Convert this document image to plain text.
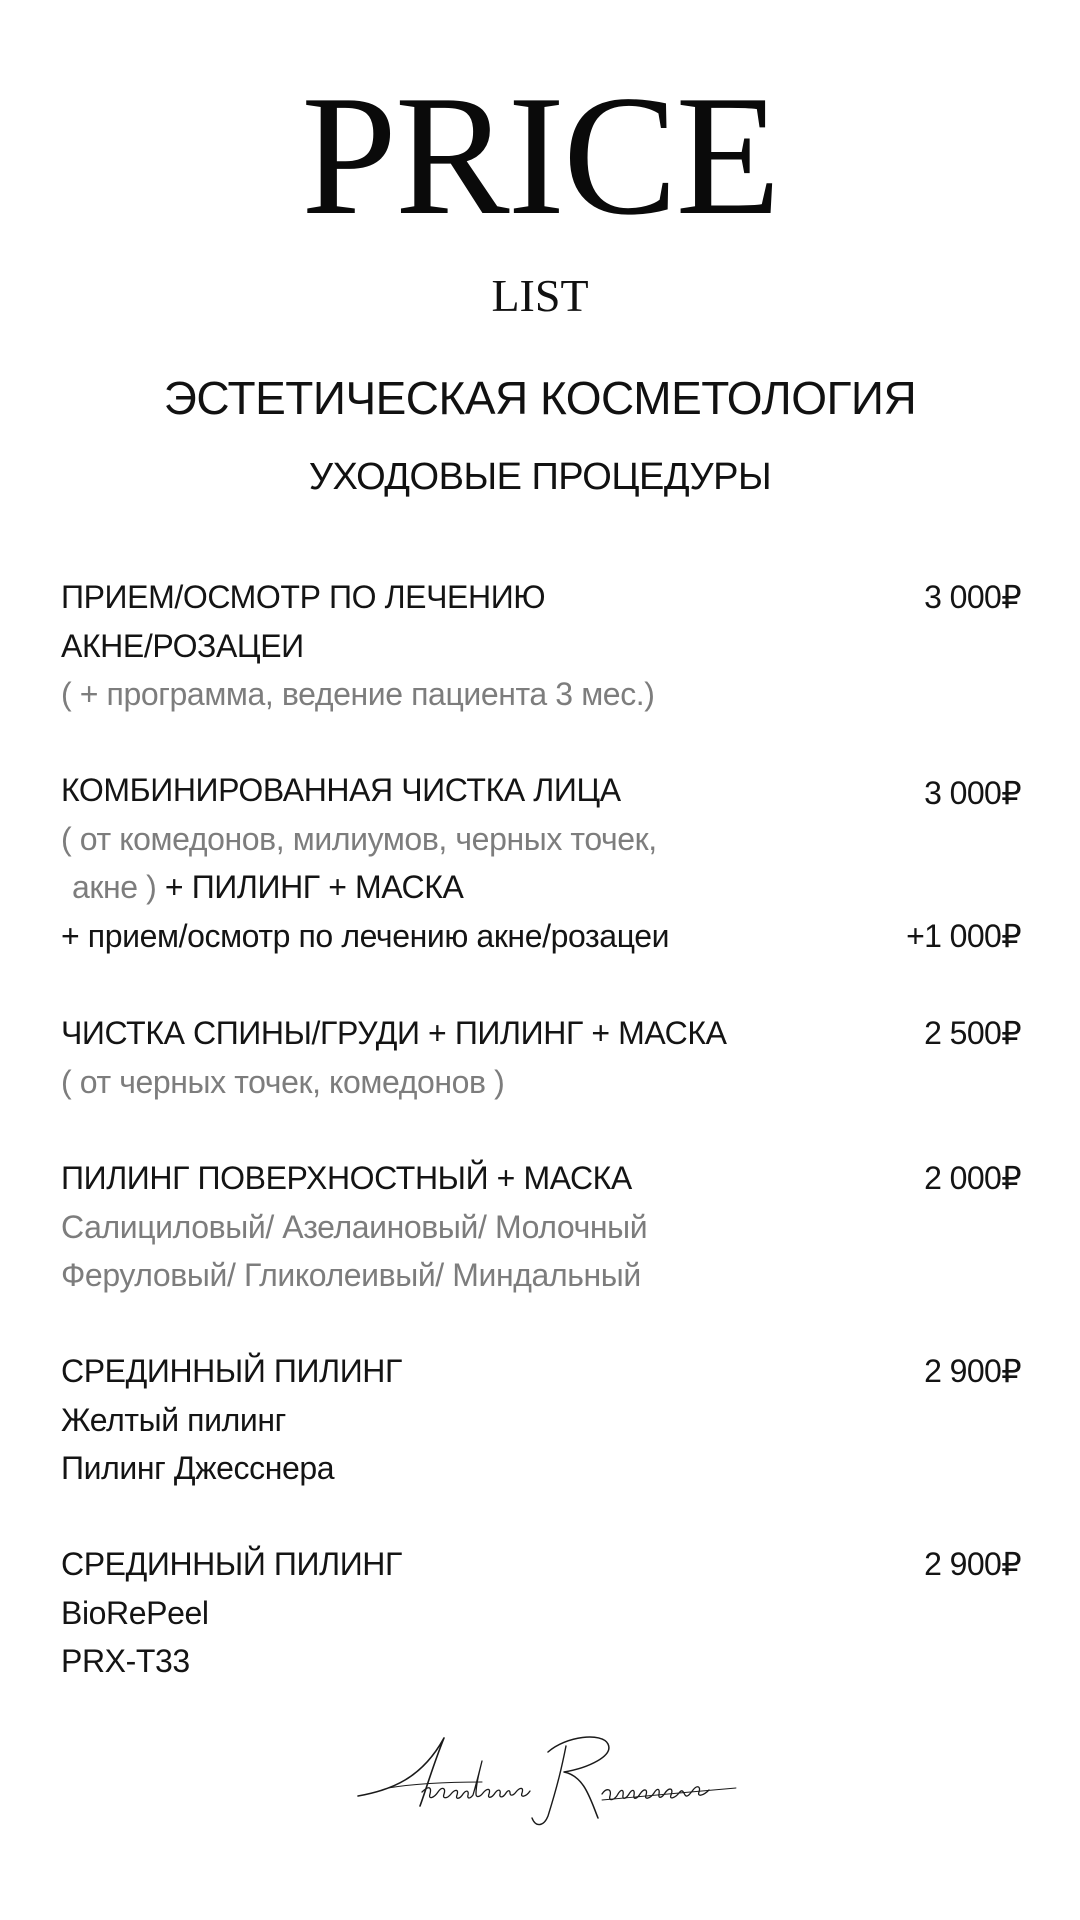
PRICE
LIST
ЭСТЕТИЧЕСКАЯ КОСМЕТОЛОГИЯ
УХОДОВЫЕ ПРОЦЕДУРЫ
3 000₽
ПРИЕМ/ОСМОТР ПО ЛЕЧЕНИЮ
АКНЕ/РОЗАЦЕИ
( + программа, ведение пациента 3 мес.)
3 000₽
КОМБИНИРОВАННАЯ ЧИСТКА ЛИЦА
( от комедонов, милиумов, черных точек,
акне ) + ПИЛИНГ + МАСКА
+ прием/осмотр по лечению акне/розацеи	+1 000₽
2 500₽
ЧИСТКА СПИНЫ/ГРУДИ + ПИЛИНГ + МАСКА
( от черных точек, комедонов )
2 000₽
ПИЛИНГ ПОВЕРХНОСТНЫЙ + МАСКА
Салициловый/ Азелаиновый/ Молочный
Феруловый/ Гликолеивый/ Миндальный
2 900₽
СРЕДИННЫЙ ПИЛИНГ
Желтый пилинг
Пилинг Джесснера
2 900₽
СРЕДИННЫЙ ПИЛИНГ
BioRePeel
PRX-T33
